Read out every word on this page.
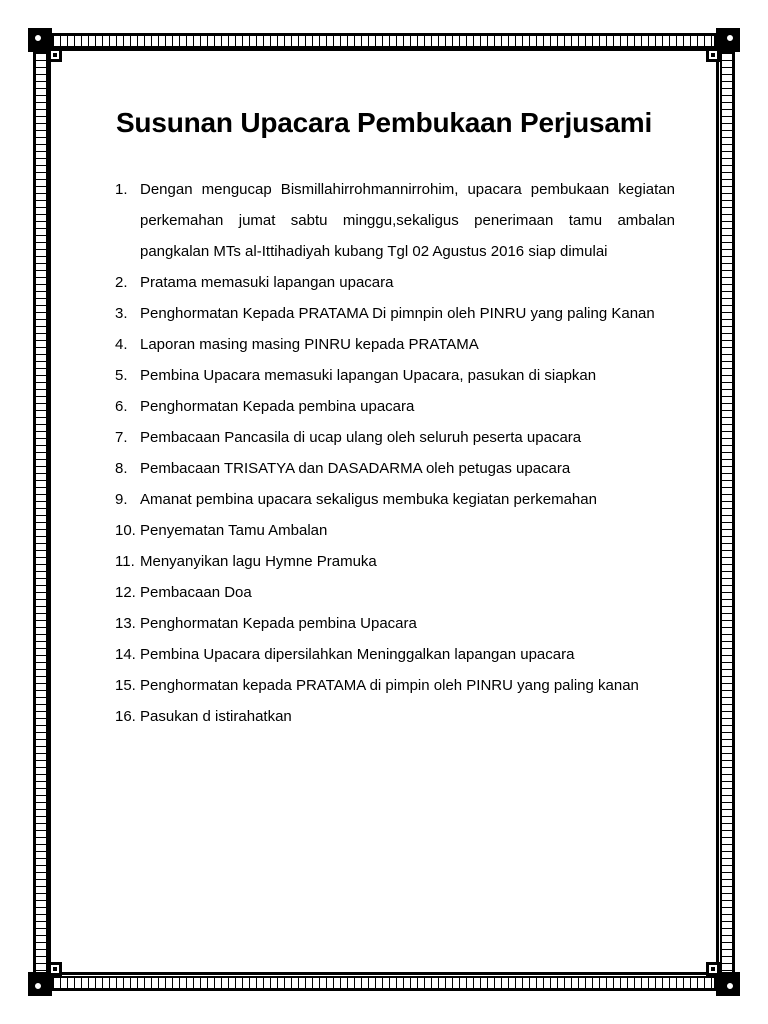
Susunan Upacara Pembukaan Perjusami
1. Dengan mengucap Bismillahirrohmannirrohim, upacara pembukaan kegiatan perkemahan jumat sabtu minggu,sekaligus penerimaan tamu ambalan pangkalan MTs al-Ittihadiyah kubang Tgl 02 Agustus 2016 siap dimulai
2. Pratama memasuki lapangan upacara
3. Penghormatan Kepada PRATAMA Di pimnpin oleh PINRU yang paling Kanan
4. Laporan masing masing PINRU kepada PRATAMA
5. Pembina Upacara memasuki lapangan Upacara, pasukan di siapkan
6. Penghormatan Kepada pembina upacara
7. Pembacaan Pancasila di ucap ulang oleh seluruh peserta upacara
8. Pembacaan TRISATYA dan DASADARMA oleh petugas upacara
9. Amanat pembina upacara sekaligus membuka kegiatan perkemahan
10. Penyematan Tamu Ambalan
11. Menyanyikan lagu Hymne Pramuka
12. Pembacaan Doa
13. Penghormatan Kepada pembina Upacara
14. Pembina Upacara dipersilahkan Meninggalkan lapangan upacara
15. Penghormatan kepada PRATAMA di pimpin oleh PINRU yang paling kanan
16. Pasukan d istirahatkan
